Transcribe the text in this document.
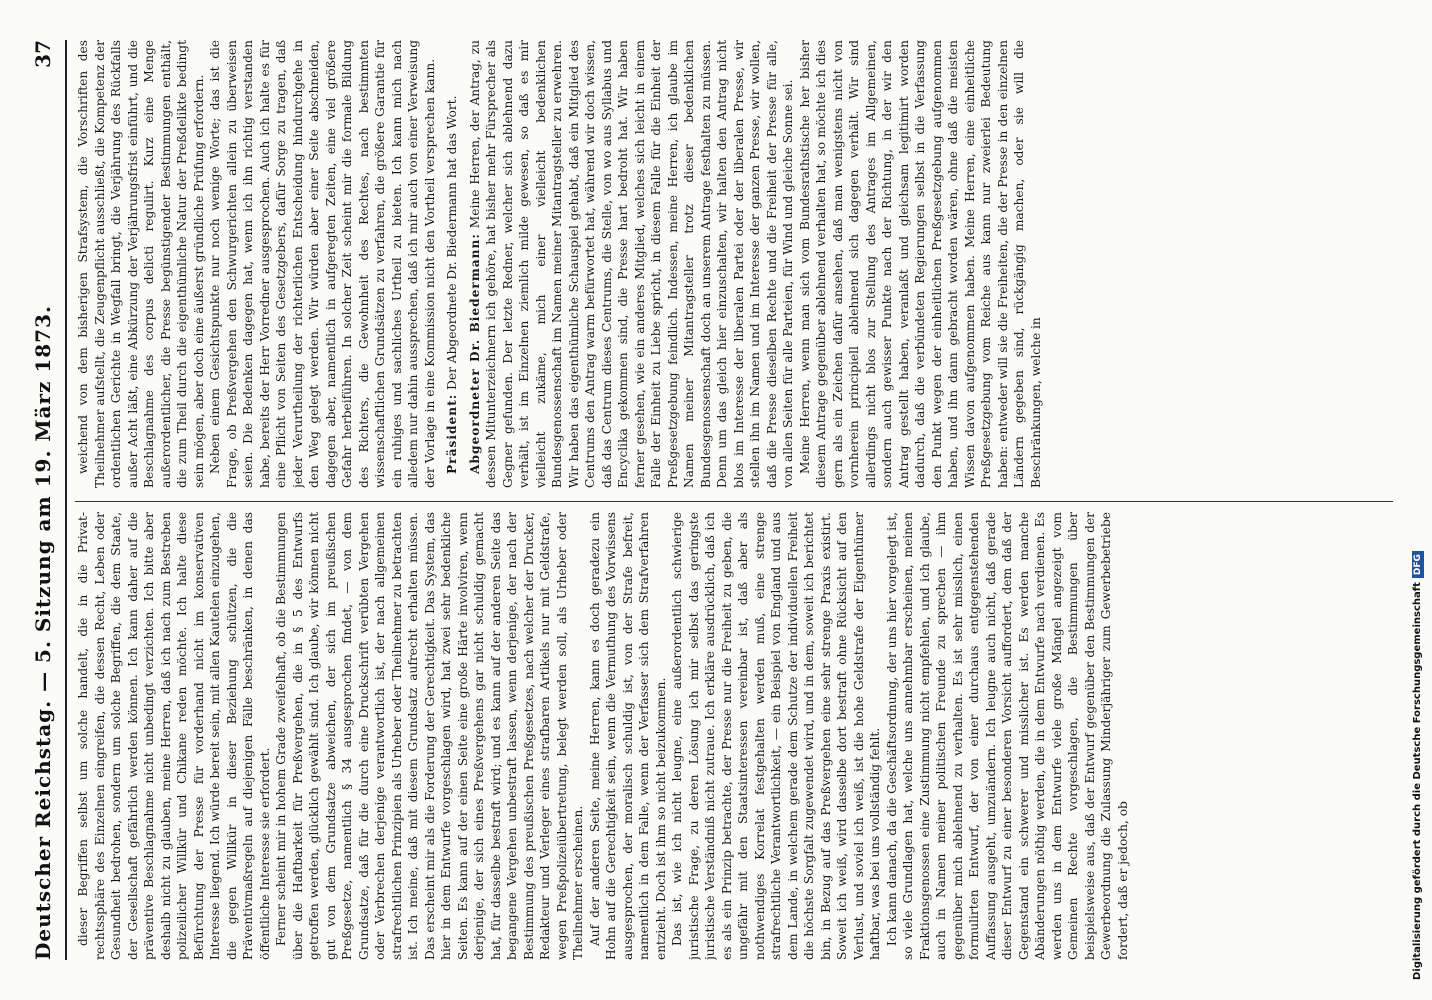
Deutscher Reichstag. — 5. Sitzung am 19. März 1873.
37

dieser Begriffen selbst um solche handelt, die in die Privat-rechtssphäre des Einzelnen eingreifen, die dessen Recht, Leben oder Gesundheit bedrohen, sondern um solche Begriffen, die dem Staate, der Gesellschaft gefährlich werden können. Ich kann daher auf die präventive Beschlagnahme nicht unbedingt verzichten. Ich bitte aber deshalb nicht zu glauben, meine Herren, daß ich nach zum Bestreben polizeilicher Willkür und Chikane reden möchte. Ich halte diese Befürchtung der Presse für vorderhand nicht im konservativen Interesse liegend. Ich würde bereit sein, mit allen Kautelen einzugehen, die gegen Willkür in dieser Beziehung schützen, die die Präventivmaßregeln auf diejenigen Fälle beschränken, in denen das öffentliche Interesse sie erfordert. Ferner scheint mir in hohem Grade zweifelhaft, ob die Bestimmungen über die Haftbarkeit für Preßvergehen, die in § 5 des Entwurfs getroffen werden, glücklich gewählt sind. Ich glaube, wir können nicht gut von dem Grundsatze abweichen, der sich im preußischen Preßgesetze, namentlich § 34 ausgesprochen findet, — von dem Grundsatze, daß für die durch eine Druckschrift verübten Vergehen oder Verbrechen derjenige verantwortlich ist, der nach allgemeinen strafrechtlichen Prinzipien als Urheber oder Theilnehmer zu betrachten ist. Ich meine, daß mit diesem Grundsatz aufrecht erhalten müssen. Das erscheint mir als die Forderung der Gerechtigkeit. Das System, das hier in dem Entwurfe vorgeschlagen wird, hat zwei sehr bedenkliche Seiten. Es kann auf der einen Seite eine große Härte involviren, wenn derjenige, der sich eines Preßvergehens gar nicht schuldig gemacht hat, für dasselbe bestraft wird; und es kann auf der anderen Seite das begangene Vergehen unbestraft lassen, wenn derjenige, der nach der Bestimmung des preußischen Preßgesetzes, nach welcher der Drucker, Redakteur und Verleger eines strafbaren Artikels nur mit Geldstrafe, wegen Preßpolizeiübertretung, belegt werden soll, als Urheber oder Theilnehmer erscheinen. Auf der anderen Seite, meine Herren, kann es doch geradezu ein Hohn auf die Gerechtigkeit sein, wenn die Vermuthung des Vorwissens ausgesprochen, der moralisch schuldig ist, von der Strafe befreit, namentlich in dem Falle, wenn der Verfasser sich dem Strafverfahren entzieht. Doch ist ihm so nicht beizukommen. Das ist, wie ich nicht leugne, eine außerordentlich schwierige juristische Frage, zu deren Lösung ich mir selbst das geringste juristische Verständniß nicht zutraue. Ich erkläre ausdrücklich, daß ich es als ein Prinzip betrachte, der Presse nur die Freiheit zu geben, die ungefähr mit den Staatsinteressen vereinbar ist, daß aber als nothwendiges Korrelat festgehalten werden muß, eine strenge strafrechtliche Verantwortlichkeit, — ein Beispiel von England und aus dem Lande, in welchem gerade dem Schutze der individuellen Freiheit die höchste Sorgfalt zugewendet wird, und in dem, soweit ich berichtet bin, in Bezug auf das Preßvergehen eine sehr strenge Praxis existirt. Soweit ich weiß, wird dasselbe dort bestraft ohne Rücksicht auf den Verlust, und soviel ich weiß, ist die hohe Geldstrafe der Eigenthümer haftbar, was bei uns vollständig fehlt. Ich kann danach, da die Geschäftsordnung, der uns hier vorgelegt ist, so viele Grundlagen hat, welche uns annehmbar erscheinen, meinen Fraktionsgenossen eine Zustimmung nicht empfehlen, und ich glaube, auch in Namen meiner politischen Freunde zu sprechen — ihm gegenüber mich ablehnend zu verhalten. Es ist sehr misslich, einen formulirten Entwurf, der von einer durchaus entgegenstehenden Auffassung ausgeht, umzuändern. Ich leugne auch nicht, daß gerade dieser Entwurf zu einer besonderen Vorsicht auffordert, dem daß der Gegenstand ein schwerer und misslicher ist. Es werden manche Abänderungen nöthig werden, die in dem Entwurfe nach verdienen. Es werden uns in dem Entwurfe viele große Mängel angezeigt vom Gemeinen Rechte vorgeschlagen, die Bestimmungen über beispielsweise aus, daß der Entwurf gegenüber den Bestimmungen der Gewerbeordnung die Zulassung Minderjähriger zum Gewerbebetriebe fordert, daß er jedoch, ob

weichend von dem bisherigen Strafsystem, die Vorschriften des Theilnehmer aufstellt, die Zeugenpflicht ausschließt, die Kompetenz der ordentlichen Gerichte in Wegfall bringt, die Verjährung des Rückfalls außer Acht läßt, eine Abkürzung der Verjährungsfrist einführt, und die Beschlagnahme des corpus delicti regulirt. Kurz eine Menge außerordentlicher, die Presse begünstigender Bestimmungen enthält, die zum Theil durch die eigenthümliche Natur der Preßdelikte bedingt sein mögen, aber doch eine äußerst gründliche Prüfung erfordern. Neben einem Gesichtspunkte nur noch wenige Worte; das ist die Frage, ob Preßvergehen den Schwurgerichten allein zu überweisen seien. Die Bedenken dagegen hat, wenn ich ihn richtig verstanden habe, bereits der Herr Vorredner ausgesprochen. Auch ich halte es für eine Pflicht von Seiten des Gesetzgebers, dafür Sorge zu tragen, daß jeder Verurtheilung der richterlichen Entscheidung hindurchgehe in den Weg gelegt werden. Wir würden aber einer Seite abschneiden, dagegen aber, namentlich in aufgeregten Zeiten, eine viel größere Gefahr herbeiführen. In solcher Zeit scheint mir die formale Bildung des Richters, die Gewohnheit des Rechtes, nach bestimmten wissenschaftlichen Grundsätzen zu verfahren, die größere Garantie für ein ruhiges und sachliches Urtheil zu bieten. Ich kann mich nach alledem nur dahin aussprechen, daß ich mir auch von einer Verweisung der Vorlage in eine Kommission nicht den Vortheil versprechen kann. Präsident: Der Abgeordnete Dr. Biedermann hat das Wort. Abgeordneter Dr. Biedermann: Meine Herren, der Antrag, zu dessen Mitunterzeichnern ich gehöre, hat bisher mehr Fürsprecher als Gegner gefunden. Der letzte Redner, welcher sich ablehnend dazu verhält, ist im Einzelnen ziemlich milde gewesen, so daß es mir vielleicht zukäme, mich einer vielleicht bedenklichen Bundesgenossenschaft im Namen meiner Mitantragsteller zu erwehren. Wir haben das eigenthümliche Schauspiel gehabt, daß ein Mitglied des Centrums den Antrag warm befürwortet hat, während wir doch wissen, daß das Centrum dieses Centrums, die Stelle, von wo aus Syllabus und Encyclika gekommen sind, die Presse hart bedroht hat. Wir haben ferner gesehen, wie ein anderes Mitglied, welches sich leicht in einem Falle der Einheit zu Liebe spricht, in diesem Falle für die Einheit der Preßgesetzgebung feindlich. Indessen, meine Herren, ich glaube im Namen meiner Mitantragsteller trotz dieser bedenklichen Bundesgenossenschaft doch an unserem Antrage festhalten zu müssen. Denn um das gleich hier einzuschalten, wir halten den Antrag nicht blos im Interesse der liberalen Partei oder der liberalen Presse, wir stellen ihn im Namen und im Interesse der ganzen Presse, wir wollen, daß die Presse dieselben Rechte und die Freiheit der Presse für alle, von allen Seiten für alle Parteien, für Wind und gleiche Sonne sei. Meine Herren, wenn man sich vom Bundesrathstische her bisher diesem Antrage gegenüber ablehnend verhalten hat, so möchte ich dies gern als ein Zeichen dafür ansehen, daß man wenigstens nicht von vornherein principiell ablehnend sich dagegen verhält. Wir sind allerdings nicht blos zur Stellung des Antrages im Allgemeinen, sondern auch gewisser Punkte nach der Richtung, in der wir den Antrag gestellt haben, veranlaßt und gleichsam legitimirt worden dadurch, daß die verbündeten Regierungen selbst in die Verfassung den Punkt wegen der einheitlichen Preßgesetzgebung aufgenommen haben, und ihn dann gebracht worden wären, ohne daß die meisten Wissen davon aufgenommen haben. Meine Herren, eine einheitliche Preßgesetzgebung vom Reiche aus kann nur zweierlei Bedeutung haben: entweder will sie die Freiheiten, die der Presse in den einzelnen Ländern gegeben sind, rückgängig machen, oder sie will die Beschränkungen, welche in

Digitalisierung gefördert durch die Deutsche ForschungsgemeinschaftDFG
